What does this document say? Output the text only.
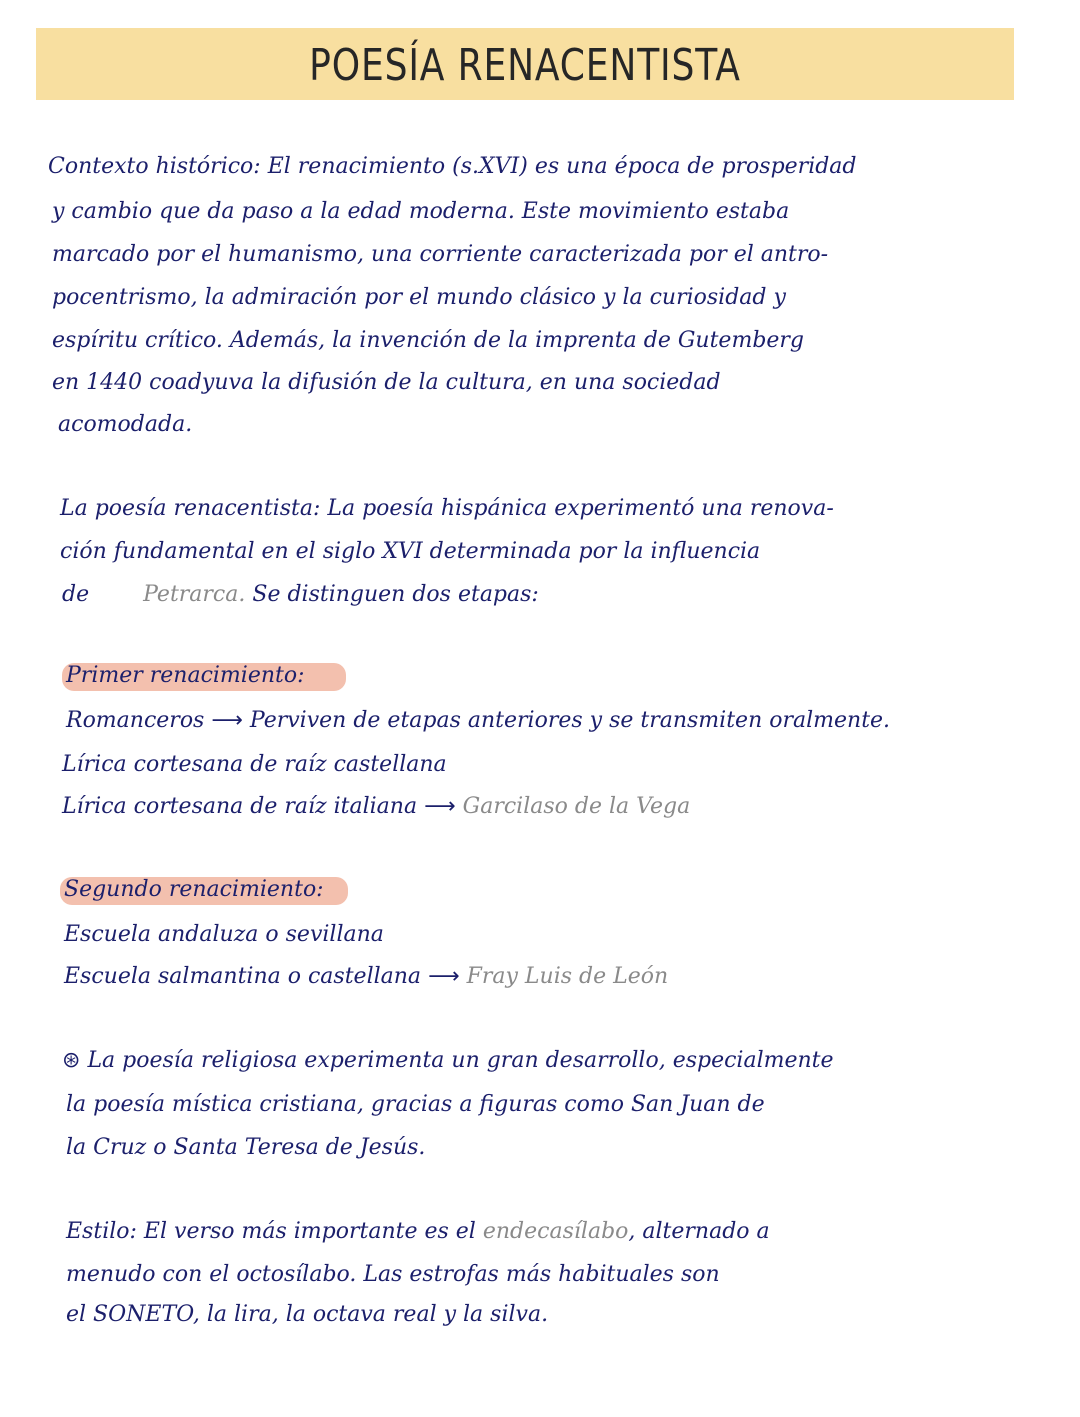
POESÍA RENACENTISTA
Contexto histórico: El renacimiento (s.XVI) es una época de prosperidad
y cambio que da paso a la edad moderna. Este movimiento estaba
marcado por el humanismo, una corriente caracterizada por el antro-
pocentrismo, la admiración por el mundo clásico y la curiosidad y
espíritu crítico. Además, la invención de la imprenta de Gutemberg
en 1440 coadyuva la difusión de la cultura, en una sociedad
acomodada.
La poesía renacentista: La poesía hispánica experimentó una renova-
ción fundamental en el siglo XVI determinada por la influencia
de Petrarca. Se distinguen dos etapas:
Primer renacimiento:
Romanceros ⟶ Perviven de etapas anteriores y se transmiten oralmente.
Lírica cortesana de raíz castellana
Lírica cortesana de raíz italiana ⟶ Garcilaso de la Vega
Segundo renacimiento:
Escuela andaluza o sevillana
Escuela salmantina o castellana ⟶ Fray Luis de León
⊛ La poesía religiosa experimenta un gran desarrollo, especialmente
la poesía mística cristiana, gracias a figuras como San Juan de
la Cruz o Santa Teresa de Jesús.
Estilo: El verso más importante es el endecasílabo, alternado a
menudo con el octosílabo. Las estrofas más habituales son
el SONETO, la lira, la octava real y la silva.
